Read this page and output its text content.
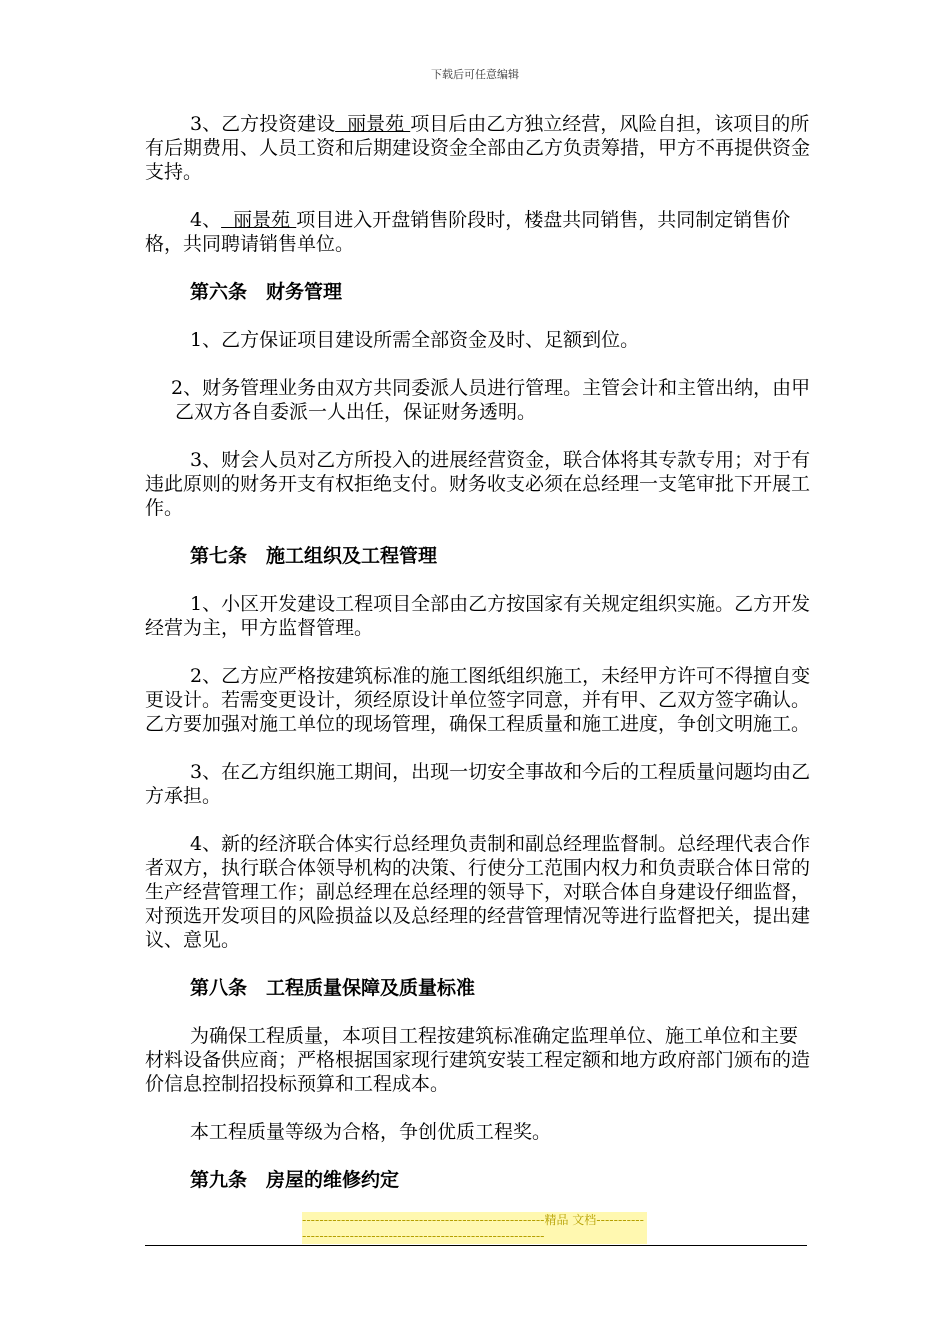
下载后可任意编辑

3、乙方投资建设  丽景苑 项目后由乙方独立经营，风险自担，该项目的所有后期费用、人员工资和后期建设资金全部由乙方负责筹措，甲方不再提供资金支持。

4、  丽景苑 项目进入开盘销售阶段时，楼盘共同销售，共同制定销售价格，共同聘请销售单位。

第六条　财务管理

1、乙方保证项目建设所需全部资金及时、足额到位。

2、财务管理业务由双方共同委派人员进行管理。主管会计和主管出纳，由甲乙双方各自委派一人出任，保证财务透明。

3、财会人员对乙方所投入的进展经营资金，联合体将其专款专用；对于有违此原则的财务开支有权拒绝支付。财务收支必须在总经理一支笔审批下开展工作。

第七条　施工组织及工程管理

1、小区开发建设工程项目全部由乙方按国家有关规定组织实施。乙方开发经营为主，甲方监督管理。

2、乙方应严格按建筑标准的施工图纸组织施工，未经甲方许可不得擅自变更设计。若需变更设计，须经原设计单位签字同意，并有甲、乙双方签字确认。乙方要加强对施工单位的现场管理，确保工程质量和施工进度，争创文明施工。

3、在乙方组织施工期间，出现一切安全事故和今后的工程质量问题均由乙方承担。

4、新的经济联合体实行总经理负责制和副总经理监督制。总经理代表合作者双方，执行联合体领导机构的决策、行使分工范围内权力和负责联合体日常的生产经营管理工作；副总经理在总经理的领导下，对联合体自身建设仔细监督，对预选开发项目的风险损益以及总经理的经营管理情况等进行监督把关，提出建议、意见。

第八条　工程质量保障及质量标准

为确保工程质量，本项目工程按建筑标准确定监理单位、施工单位和主要材料设备供应商；严格根据国家现行建筑安装工程定额和地方政府部门颁布的造价信息控制招投标预算和工程成本。

本工程质量等级为合格，争创优质工程奖。

第九条　房屋的维修约定

--------------------------------------------------------精品 文档-------------------------------------------------------------------
